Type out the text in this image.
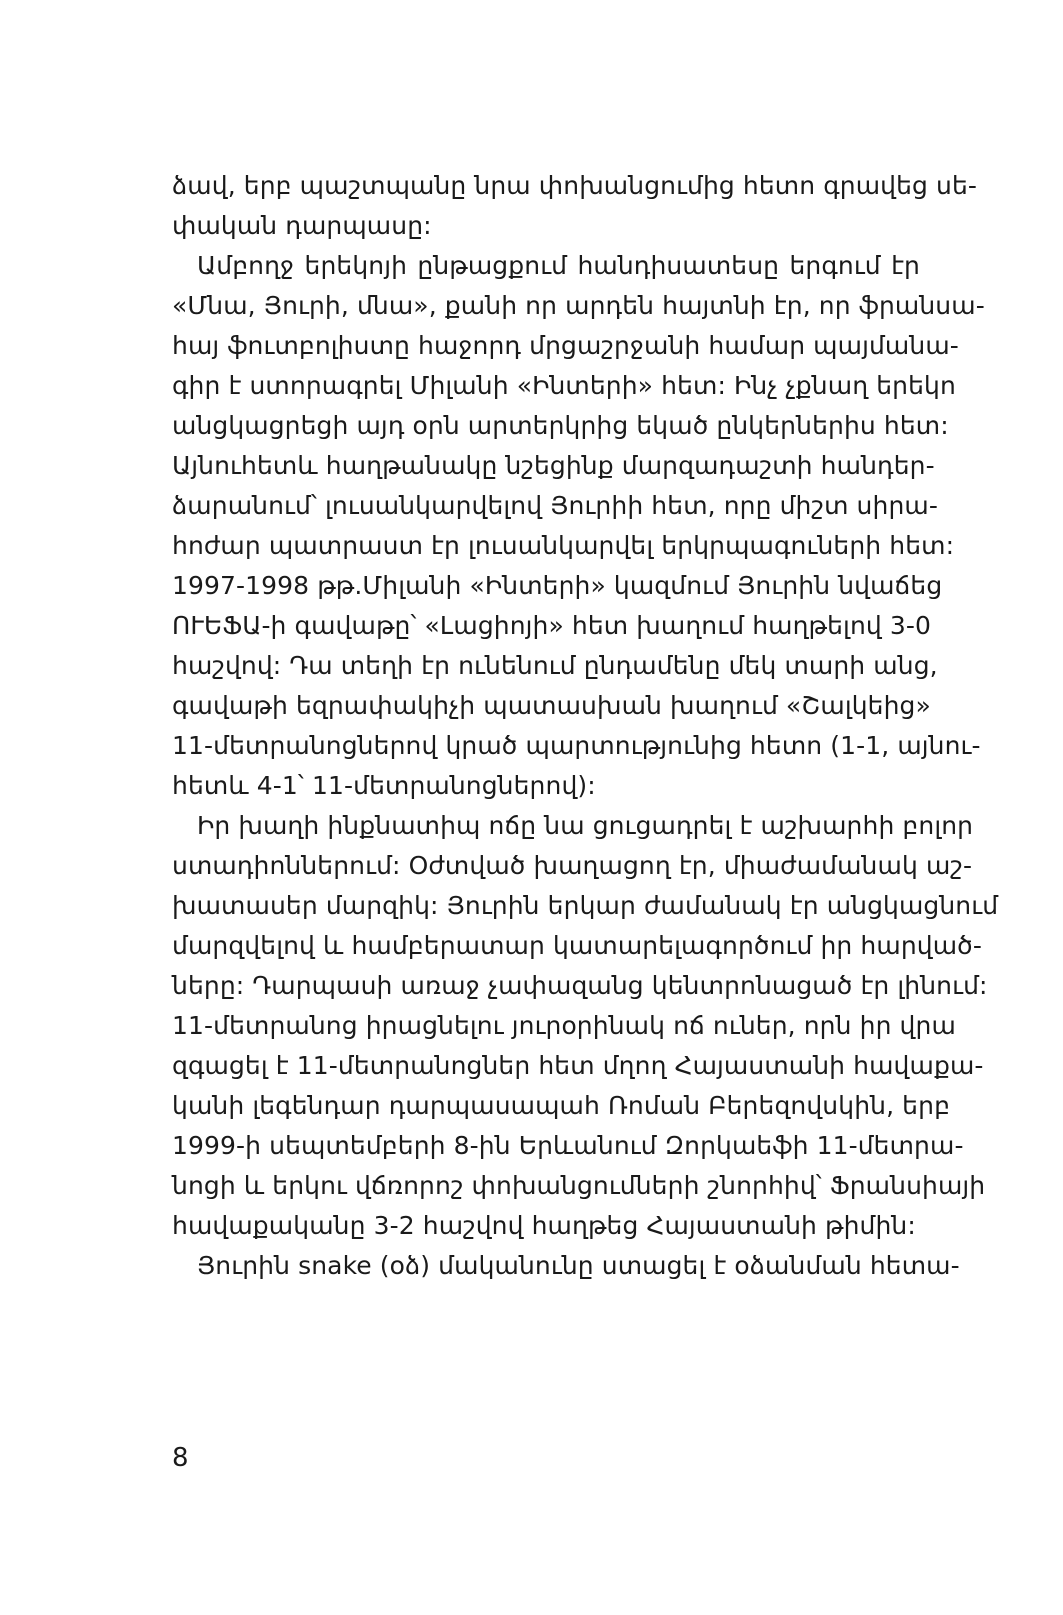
ձավ, երբ պաշտպանը նրա փոխանցումից հետո գրավեց սե-
փական դարպասը:
Ամբողջ երեկոյի ընթացքում հանդիսատեսը երգում էր
«Մնա, Յուրի, մնա», քանի որ արդեն հայտնի էր, որ ֆրանսա-
հայ ֆուտբոլիստը հաջորդ մրցաշրջանի համար պայմանա-
գիր է ստորագրել Միլանի «Ինտերի» հետ: Ինչ չքնաղ երեկո
անցկացրեցի այդ օրն արտերկրից եկած ընկերներիս հետ:
Այնուհետև հաղթանակը նշեցինք մարզադաշտի հանդեր-
ձարանում՝ լուսանկարվելով Յուրիի հետ, որը միշտ սիրա-
հոժար պատրաստ էր լուսանկարվել երկրպագուների հետ:
1997-1998 թթ.Միլանի «Ինտերի» կազմում Յուրին նվաճեց
ՈՒԵՖԱ-ի գավաթը՝ «Լացիոյի» հետ խաղում հաղթելով 3-0
հաշվով: Դա տեղի էր ունենում ընդամենը մեկ տարի անց,
գավաթի եզրափակիչի պատասխան խաղում «Շալկեից»
11-մետրանոցներով կրած պարտությունից հետո (1-1, այնու-
հետև 4-1՝ 11-մետրանոցներով):
Իր խաղի ինքնատիպ ոճը նա ցուցադրել է աշխարհի բոլոր
ստադիոններում: Օժտված խաղացող էր, միաժամանակ աշ-
խատասեր մարզիկ: Յուրին երկար ժամանակ էր անցկացնում
մարզվելով և համբերատար կատարելագործում իր հարված-
ները: Դարպասի առաջ չափազանց կենտրոնացած էր լինում:
11-մետրանոց իրացնելու յուրօրինակ ոճ ուներ, որն իր վրա
զգացել է 11-մետրանոցներ հետ մղող Հայաստանի հավաքա-
կանի լեգենդար դարպասապահ Ռոման Բերեզովսկին, երբ
1999-ի սեպտեմբերի 8-ին Երևանում Զորկաեֆի 11-մետրա-
նոցի և երկու վճռորոշ փոխանցումների շնորհիվ՝ Ֆրանսիայի
հավաքականը 3-2 հաշվով հաղթեց Հայաստանի թիմին:
Յուրին snake (օձ) մականունը ստացել է օձանման հետա-
8
